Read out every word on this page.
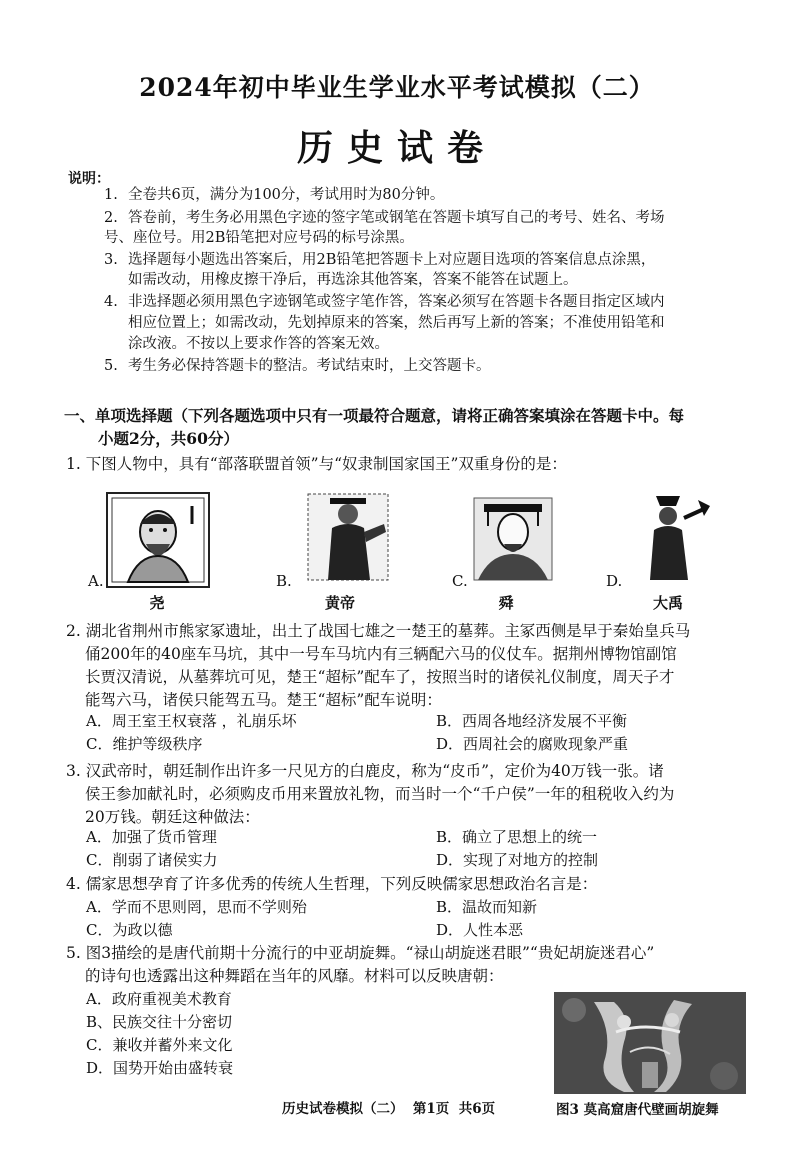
2024年初中毕业生学业水平考试模拟（二）
历史试卷
说明：
1. 全卷共6页，满分为100分，考试用时为80分钟。
2. 答卷前，考生务必用黑色字迹的签字笔或钢笔在答题卡填写自己的考号、姓名、考场
号、座位号。用2B铅笔把对应号码的标号涂黑。
3. 选择题每小题选出答案后，用2B铅笔把答题卡上对应题目选项的答案信息点涂黑，
如需改动，用橡皮擦干净后，再选涂其他答案，答案不能答在试题上。
4. 非选择题必须用黑色字迹钢笔或签字笔作答，答案必须写在答题卡各题目指定区域内
相应位置上；如需改动，先划掉原来的答案，然后再写上新的答案；不准使用铅笔和
涂改液。不按以上要求作答的答案无效。
5. 考生务必保持答题卡的整洁。考试结束时，上交答题卡。
一、单项选择题（下列各题选项中只有一项最符合题意，请将正确答案填涂在答题卡中。每
小题2分，共60分）
1. 下图人物中，具有“部落联盟首领”与“奴隶制国家国王”双重身份的是：
A.
尧
B.
黄帝
C.
舜
D.
大禹
2. 湖北省荆州市熊家冢遗址，出土了战国七雄之一楚王的墓葬。主冢西侧是早于秦始皇兵马
俑200年的40座车马坑，其中一号车马坑内有三辆配六马的仪仗车。据荆州博物馆副馆
长贾汉清说，从墓葬坑可见，楚王“超标”配车了，按照当时的诸侯礼仪制度，周天子才
能驾六马，诸侯只能驾五马。楚王“超标”配车说明：
A．周王室王权衰落 ，礼崩乐坏	B．西周各地经济发展不平衡
C．维护等级秩序	D．西周社会的腐败现象严重
3. 汉武帝时，朝廷制作出许多一尺见方的白鹿皮，称为“皮币”，定价为40万钱一张。诸
侯王参加献礼时，必须购皮币用来置放礼物，而当时一个“千户侯”一年的租税收入约为
20万钱。朝廷这种做法：
A．加强了货币管理	B．确立了思想上的统一
C．削弱了诸侯实力	D．实现了对地方的控制
4. 儒家思想孕育了许多优秀的传统人生哲理，下列反映儒家思想政治名言是：
A．学而不思则罔，思而不学则殆	B．温故而知新
C．为政以德	D．人性本恶
5. 图3描绘的是唐代前期十分流行的中亚胡旋舞。“禄山胡旋迷君眼”“贵妃胡旋迷君心”
的诗句也透露出这种舞蹈在当年的风靡。材料可以反映唐朝：
A．政府重视美术教育
B、民族交往十分密切
C．兼收并蓄外来文化
D．国势开始由盛转衰
图3 莫高窟唐代壁画胡旋舞
历史试卷模拟（二）  第1页  共6页
